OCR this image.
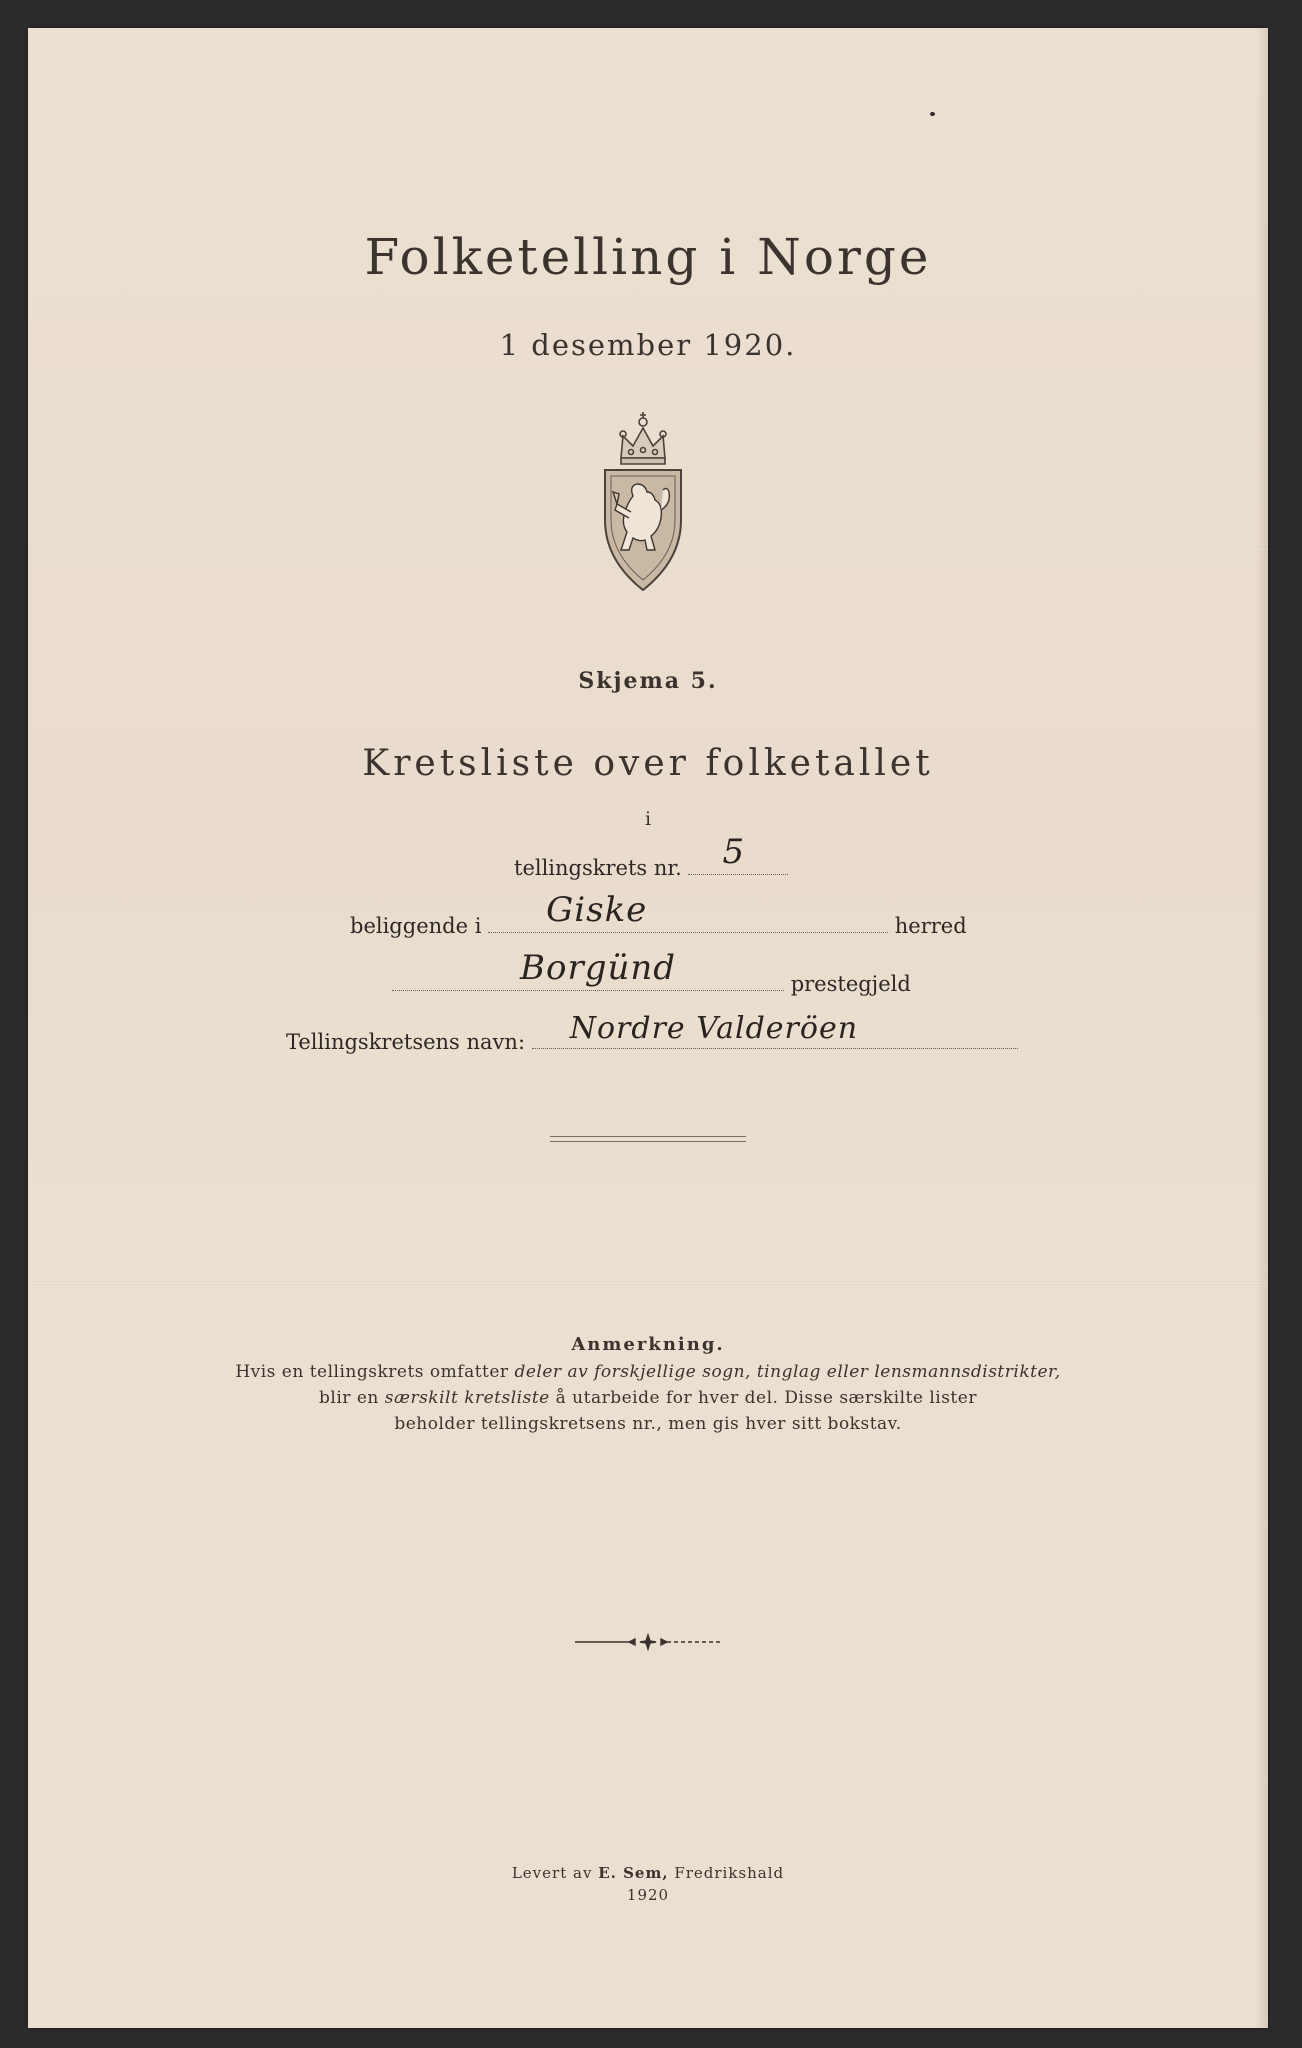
Folketelling i Norge
1 desember 1920.
Skjema 5.
Kretsliste over folketallet
i
tellingskrets nr. 5
beliggende i Giske	herred
Borgünd	prestegjeld
Tellingskretsens navn: Nordre Valderöen
Anmerkning.
Hvis en tellingskrets omfatter deler av forskjellige sogn, tinglag eller lensmannsdistrikter,
blir en særskilt kretsliste å utarbeide for hver del. Disse særskilte lister
beholder tellingskretsens nr., men gis hver sitt bokstav.
Levert av E. Sem, Fredrikshald
1920
